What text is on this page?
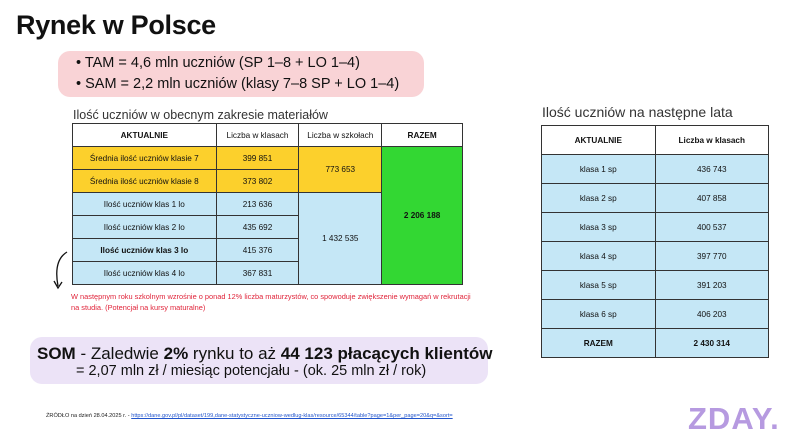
Rynek w Polsce
• TAM = 4,6 mln uczniów (SP 1–8 + LO 1–4)
• SAM = 2,2 mln uczniów (klasy 7–8 SP + LO 1–4)
Ilość uczniów w obecnym zakresie materiałów
AKTUALNIE	Liczba w klasach	Liczba w szkołach	RAZEM
Średnia ilość uczniów klasie 7	399 851	773 653	2 206 188
Średnia ilość uczniów klasie 8	373 802		
Ilość uczniów klas 1 lo	213 636	1 432 535	
Ilość uczniów klas 2 lo	435 692		
Ilość uczniów klas 3 lo	415 376		
Ilość uczniów klas 4 lo	367 831		
W następnym roku szkolnym wzrośnie o ponad 12% liczba maturzystów, co spowoduje zwiększenie wymagań w rekrutacji na studia. (Potencjał na kursy maturalne)
Ilość uczniów na następne lata
AKTUALNIE	Liczba w klasach
klasa 1 sp	436 743
klasa 2 sp	407 858
klasa 3 sp	400 537
klasa 4 sp	397 770
klasa 5 sp	391 203
klasa 6 sp	406 203
RAZEM	2 430 314
SOM - Zaledwie 2% rynku to aż 44 123 płacących klientów
= 2,07 mln zł / miesiąc potencjału - (ok. 25 mln zł / rok)
ŹRÓDŁO na dzień 28.04.2025 r. - https://dane.gov.pl/pl/dataset/199,dane-statystyczne-uczniow-wedlug-klas/resource/65344/table?page=1&per_page=20&q=&sort=	ZDAY.
